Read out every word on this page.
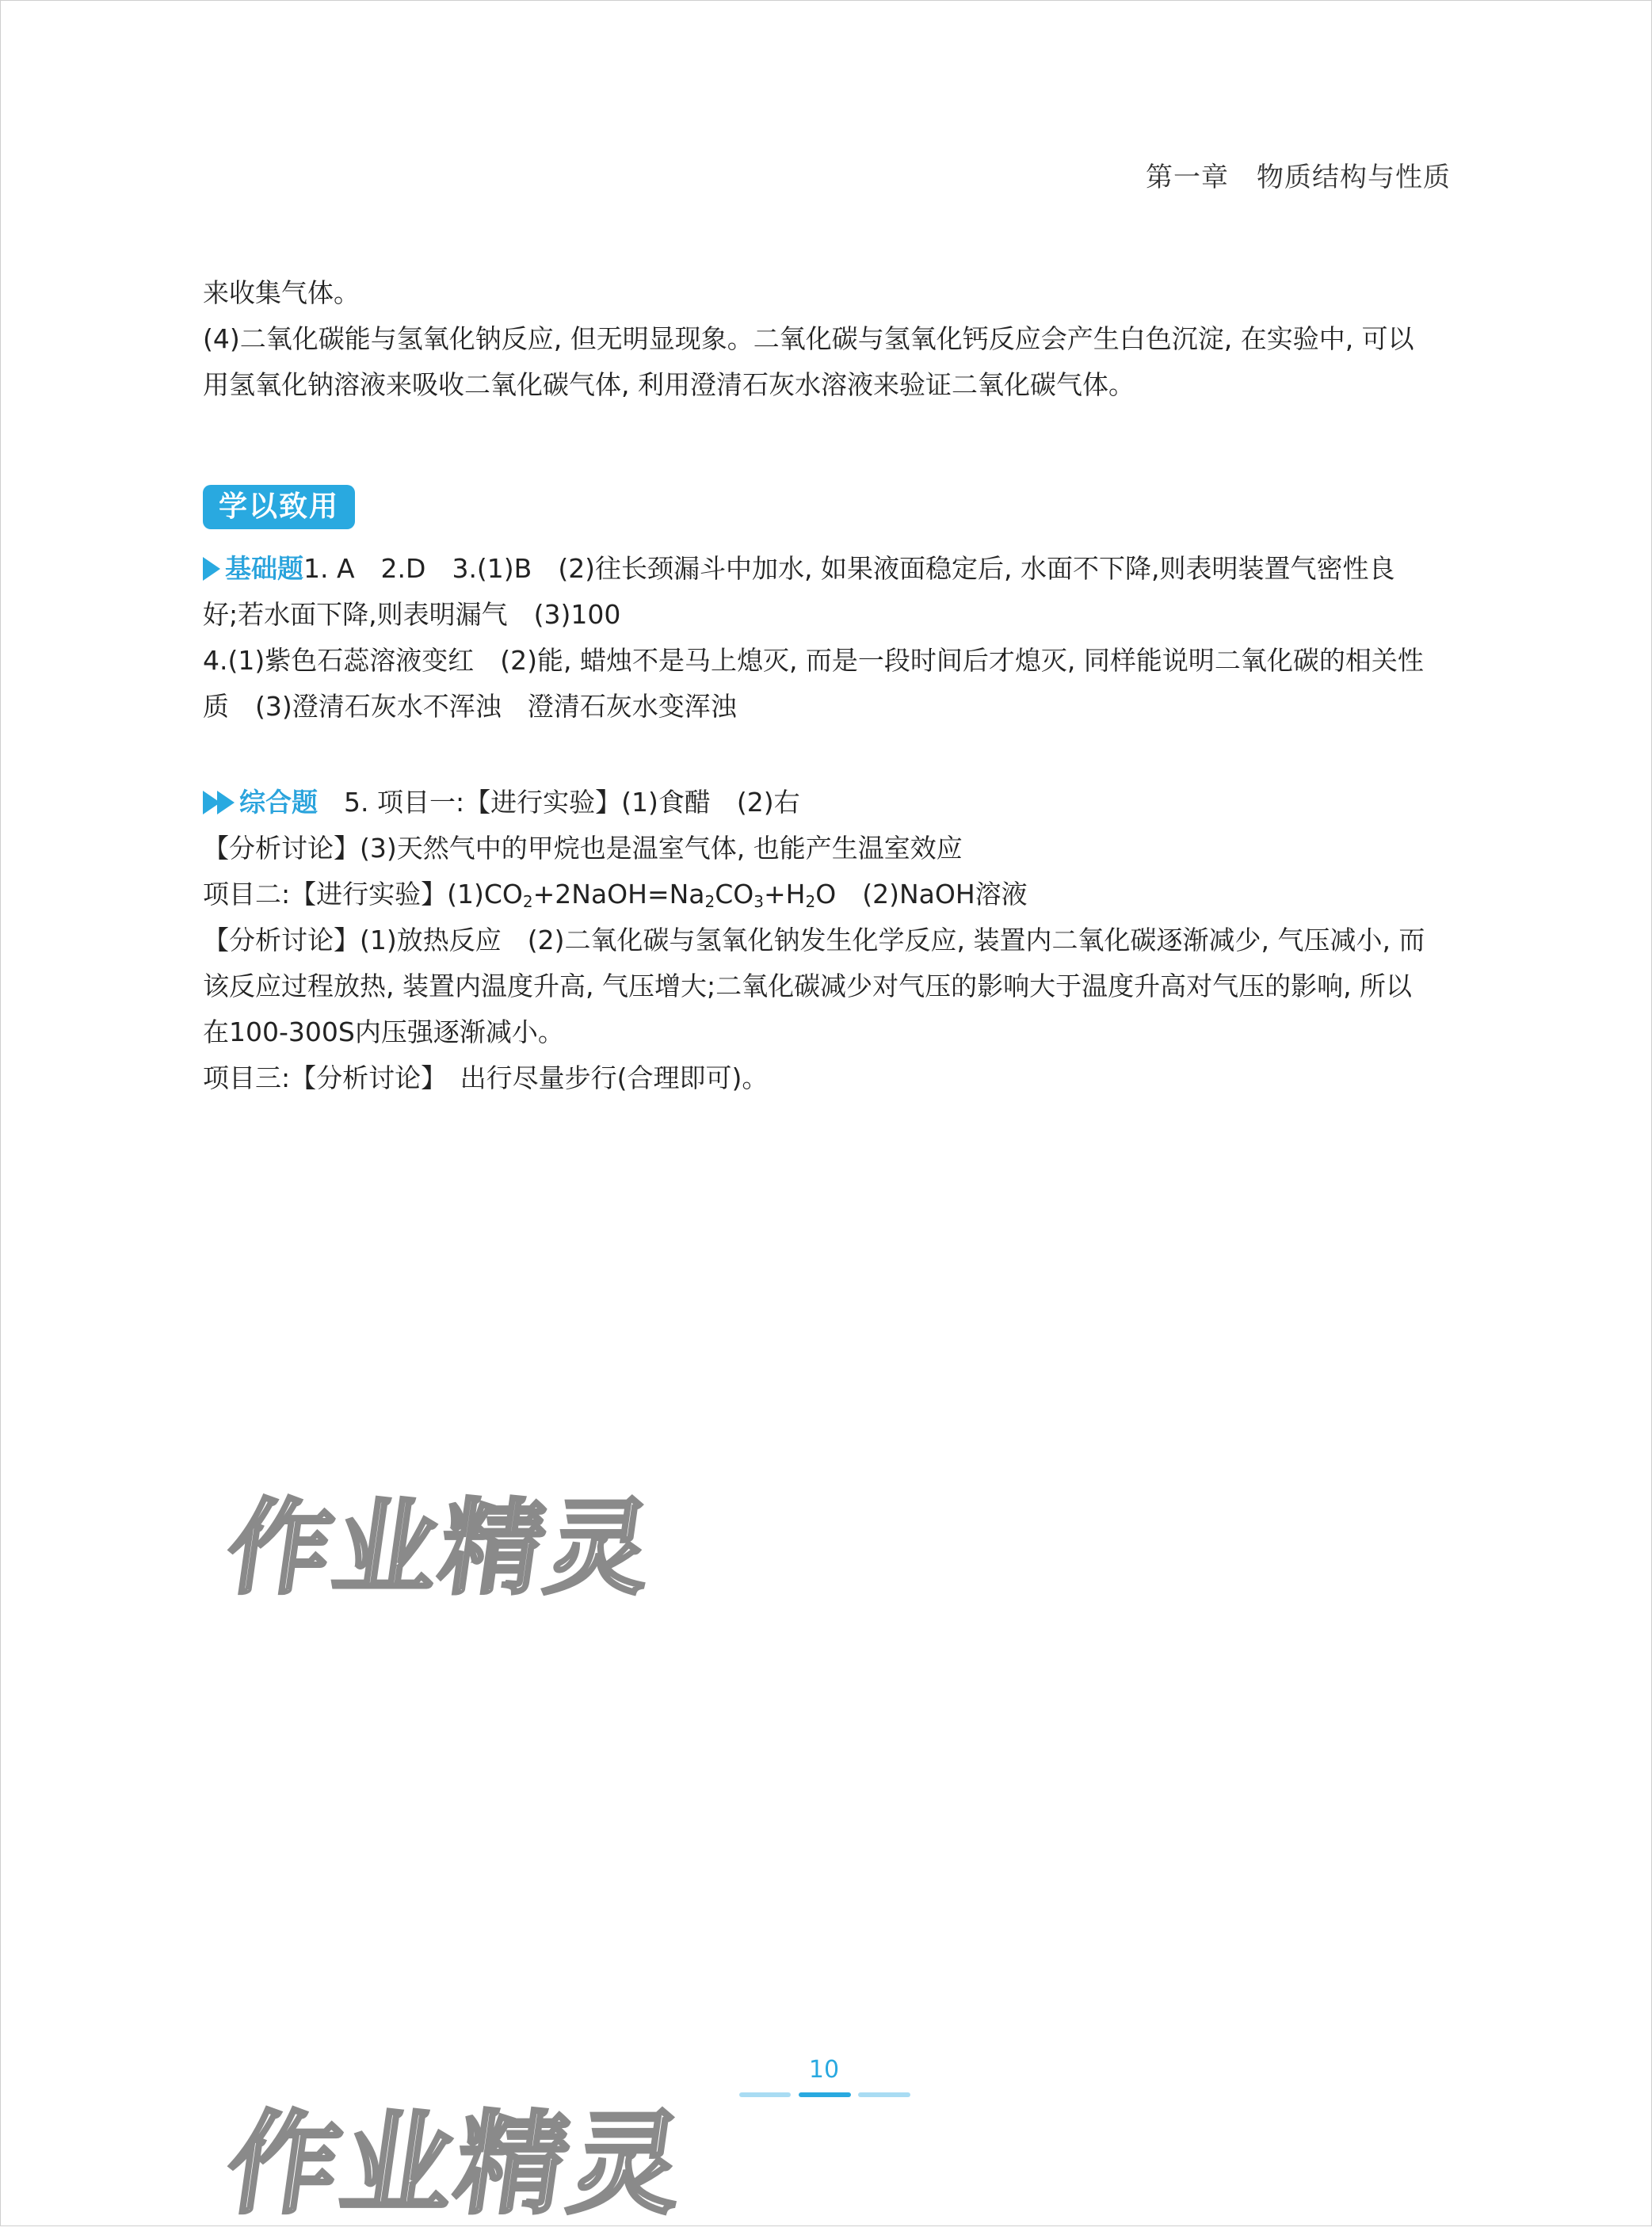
第一章　物质结构与性质
来收集气体。
(4)二氧化碳能与氢氧化钠反应, 但无明显现象。二氧化碳与氢氧化钙反应会产生白色沉淀, 在实验中, 可以
用氢氧化钠溶液来吸收二氧化碳气体, 利用澄清石灰水溶液来验证二氧化碳气体。
基础题1. A　2.D　3.(1)B　(2)往长颈漏斗中加水, 如果液面稳定后, 水面不下降,则表明装置气密性良
好;若水面下降,则表明漏气　(3)100
4.(1)紫色石蕊溶液变红　(2)能, 蜡烛不是马上熄灭, 而是一段时间后才熄灭, 同样能说明二氧化碳的相关性
质　(3)澄清石灰水不浑浊　澄清石灰水变浑浊
综合题　 5. 项目一:【进行实验】(1)食醋　(2)右
【分析讨论】(3)天然气中的甲烷也是温室气体, 也能产生温室效应
项目二:【进行实验】$(1)CO_2+2NaOH=Na_2CO_3+H_2O$　(2)NaOH溶液
【分析讨论】(1)放热反应　(2)二氧化碳与氢氧化钠发生化学反应, 装置内二氧化碳逐渐减少, 气压减小, 而
该反应过程放热, 装置内温度升高, 气压增大;二氧化碳减少对气压的影响大于温度升高对气压的影响, 所以
在100-300S内压强逐渐减小。
项目三:【分析讨论】　出行尽量步行(合理即可)。
学以致用
作业精灵
作业精灵
10
